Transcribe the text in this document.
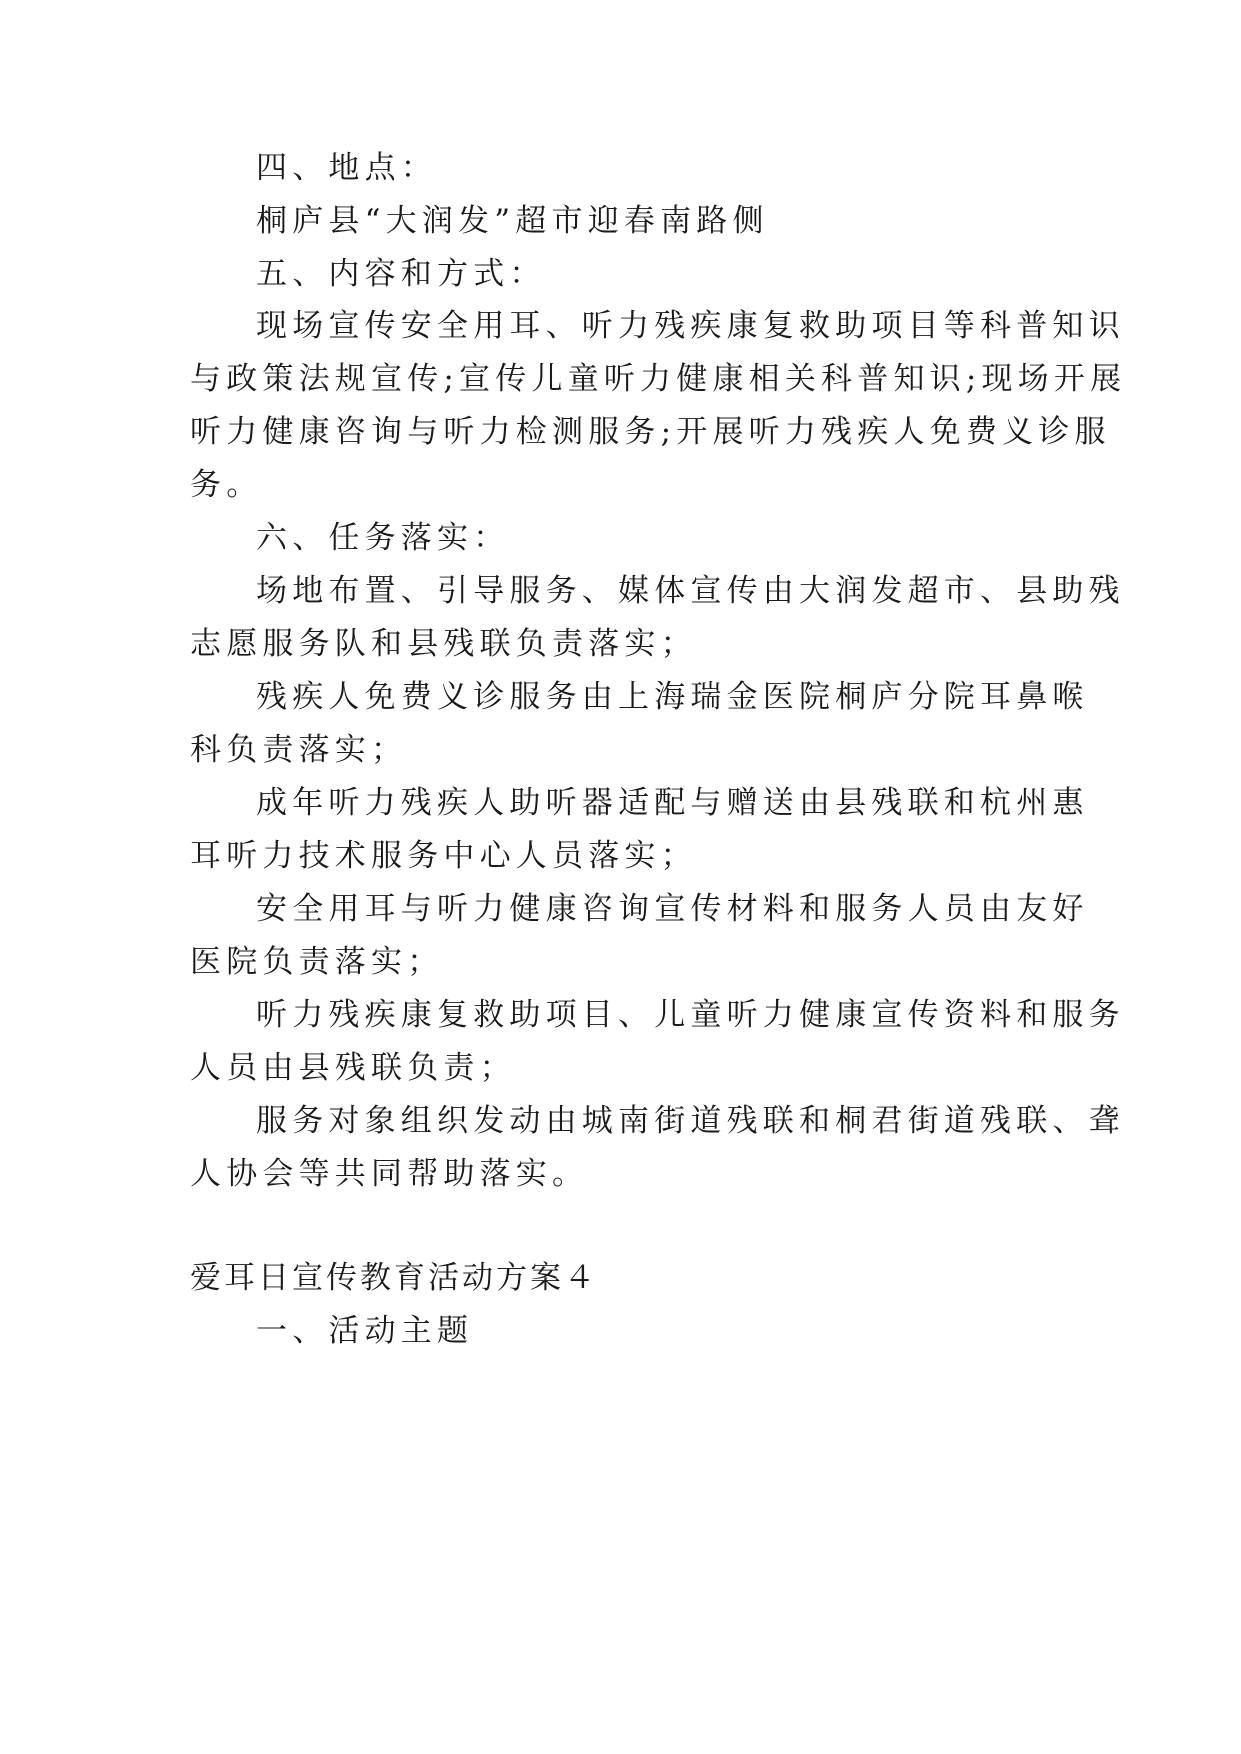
四、地点：
桐庐县“大润发”超市迎春南路侧
五、内容和方式：
现场宣传安全用耳、听力残疾康复救助项目等科普知识
与政策法规宣传;宣传儿童听力健康相关科普知识;现场开展
听力健康咨询与听力检测服务;开展听力残疾人免费义诊服
务。
六、任务落实：
场地布置、引导服务、媒体宣传由大润发超市、县助残
志愿服务队和县残联负责落实；
残疾人免费义诊服务由上海瑞金医院桐庐分院耳鼻喉
科负责落实；
成年听力残疾人助听器适配与赠送由县残联和杭州惠
耳听力技术服务中心人员落实；
安全用耳与听力健康咨询宣传材料和服务人员由友好
医院负责落实；
听力残疾康复救助项目、儿童听力健康宣传资料和服务
人员由县残联负责；
服务对象组织发动由城南街道残联和桐君街道残联、聋
人协会等共同帮助落实。
爱耳日宣传教育活动方案４
一、活动主题
